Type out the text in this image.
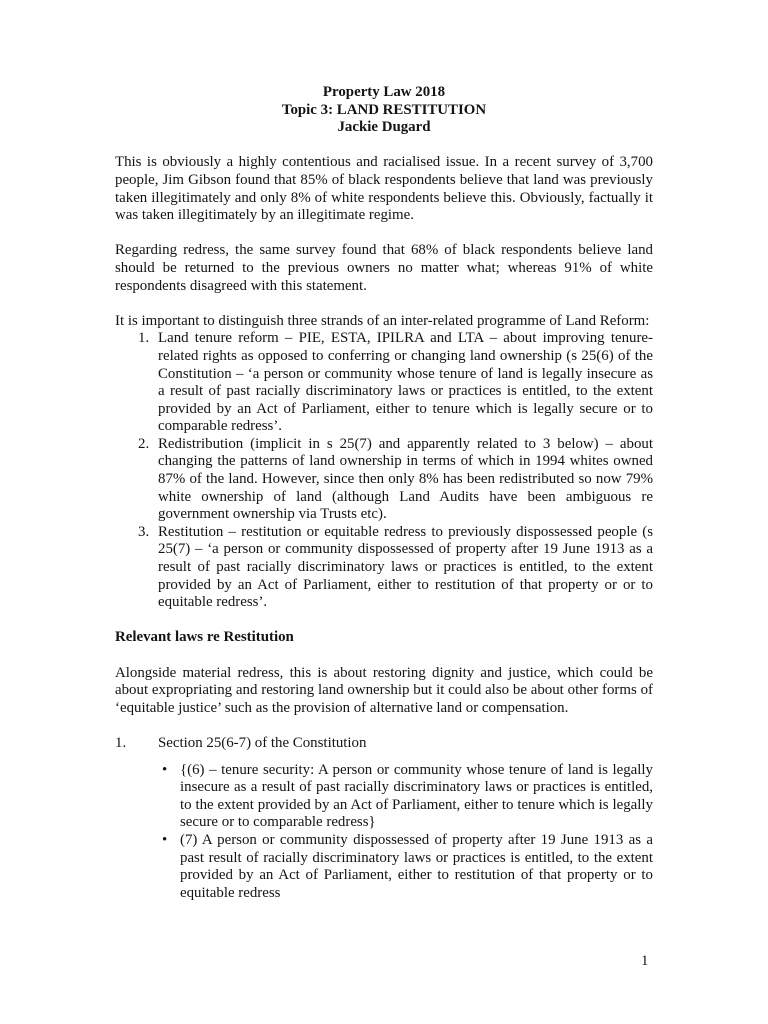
Property Law 2018
Topic 3: LAND RESTITUTION
Jackie Dugard

This is obviously a highly contentious and racialised issue. In a recent survey of 3,700 people, Jim Gibson found that 85% of black respondents believe that land was previously taken illegitimately and only 8% of white respondents believe this. Obviously, factually it was taken illegitimately by an illegitimate regime.

Regarding redress, the same survey found that 68% of black respondents believe land should be returned to the previous owners no matter what; whereas 91% of white respondents disagreed with this statement.

It is important to distinguish three strands of an inter-related programme of Land Reform:

1. Land tenure reform – PIE, ESTA, IPILRA and LTA – about improving tenure-related rights as opposed to conferring or changing land ownership (s 25(6) of the Constitution – ‘a person or community whose tenure of land is legally insecure as a result of past racially discriminatory laws or practices is entitled, to the extent provided by an Act of Parliament, either to tenure which is legally secure or to comparable redress’.
2. Redistribution (implicit in s 25(7) and apparently related to 3 below) – about changing the patterns of land ownership in terms of which in 1994 whites owned 87% of the land. However, since then only 8% has been redistributed so now 79% white ownership of land (although Land Audits have been ambiguous re government ownership via Trusts etc).
3. Restitution – restitution or equitable redress to previously dispossessed people (s 25(7) – ‘a person or community dispossessed of property after 19 June 1913 as a result of past racially discriminatory laws or practices is entitled, to the extent provided by an Act of Parliament, either to restitution of that property or or to equitable redress’.
Relevant laws re Restitution

Alongside material redress, this is about restoring dignity and justice, which could be about expropriating and restoring land ownership but it could also be about other forms of ‘equitable justice’ such as the provision of alternative land or compensation.

1.	Section 25(6-7) of the Constitution
• {(6) – tenure security: A person or community whose tenure of land is legally insecure as a result of past racially discriminatory laws or practices is entitled, to the extent provided by an Act of Parliament, either to tenure which is legally secure or to comparable redress}
• (7) A person or community dispossessed of property after 19 June 1913 as a past result of racially discriminatory laws or practices is entitled, to the extent provided by an Act of Parliament, either to restitution of that property or to equitable redress
1
